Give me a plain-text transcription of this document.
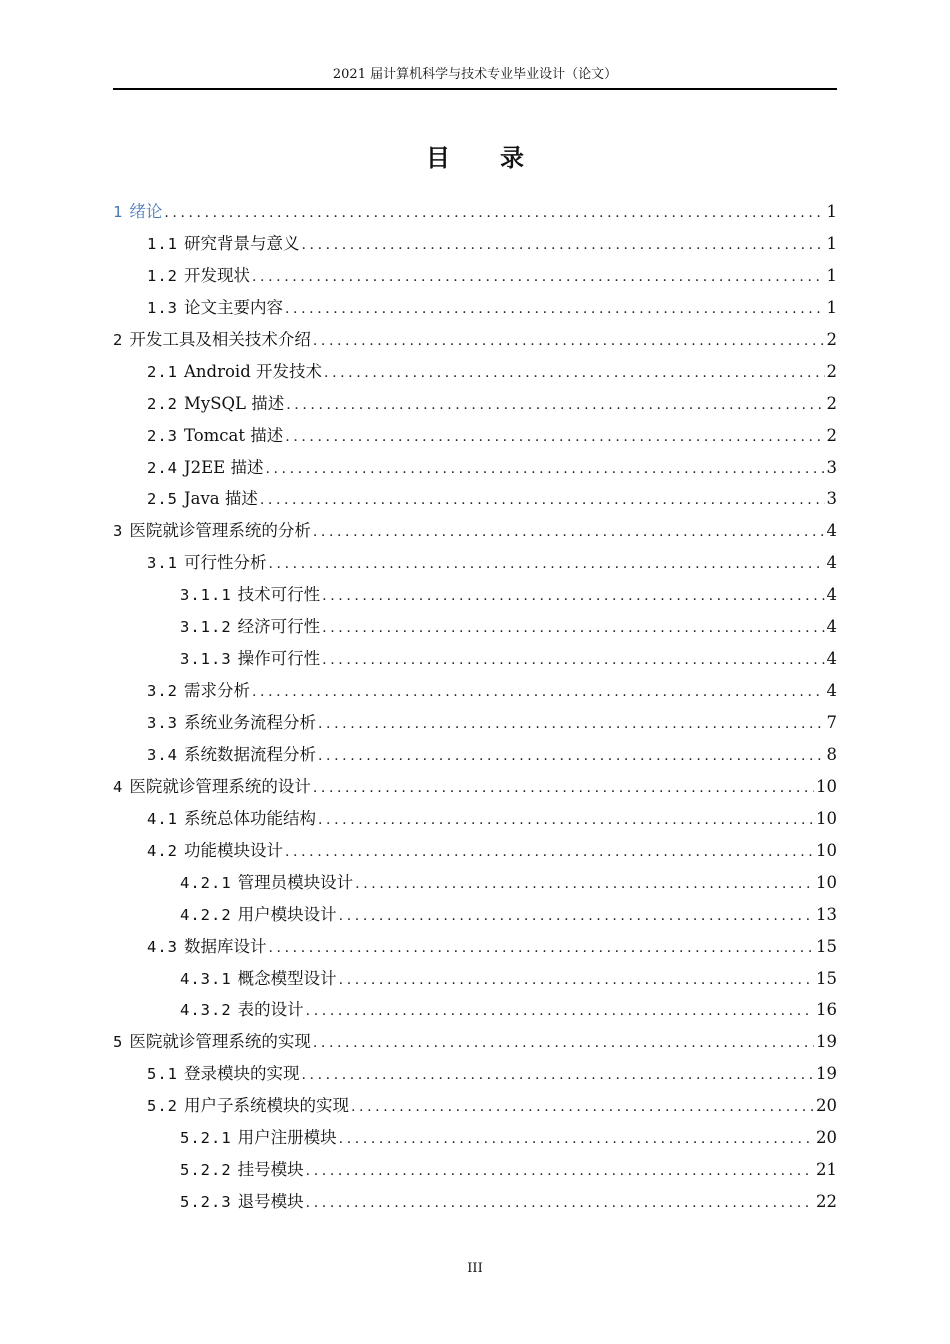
2021 届计算机科学与技术专业毕业设计（论文）
目录
1 绪论 .....	1
1.1 研究背景与意义 .....	1
1.2 开发现状 .....	1
1.3 论文主要内容 .....	1
2 开发工具及相关技术介绍 .....	2
2.1 Android 开发技术 .....	2
2.2 MySQL 描述 .....	2
2.3 Tomcat 描述 .....	2
2.4 J2EE 描述 .....	3
2.5 Java 描述 .....	3
3 医院就诊管理系统的分析 .....	4
3.1 可行性分析 .....	4
3.1.1 技术可行性 .....	4
3.1.2 经济可行性 .....	4
3.1.3 操作可行性 .....	4
3.2 需求分析 .....	4
3.3 系统业务流程分析 .....	7
3.4 系统数据流程分析 .....	8
4 医院就诊管理系统的设计 .....	10
4.1 系统总体功能结构 .....	10
4.2 功能模块设计 .....	10
4.2.1 管理员模块设计 .....	10
4.2.2 用户模块设计 .....	13
4.3 数据库设计 .....	15
4.3.1 概念模型设计 .....	15
4.3.2 表的设计 .....	16
5 医院就诊管理系统的实现 .....	19
5.1 登录模块的实现 .....	19
5.2 用户子系统模块的实现 .....	20
5.2.1 用户注册模块 .....	20
5.2.2 挂号模块 .....	21
5.2.3 退号模块 .....	22
III
